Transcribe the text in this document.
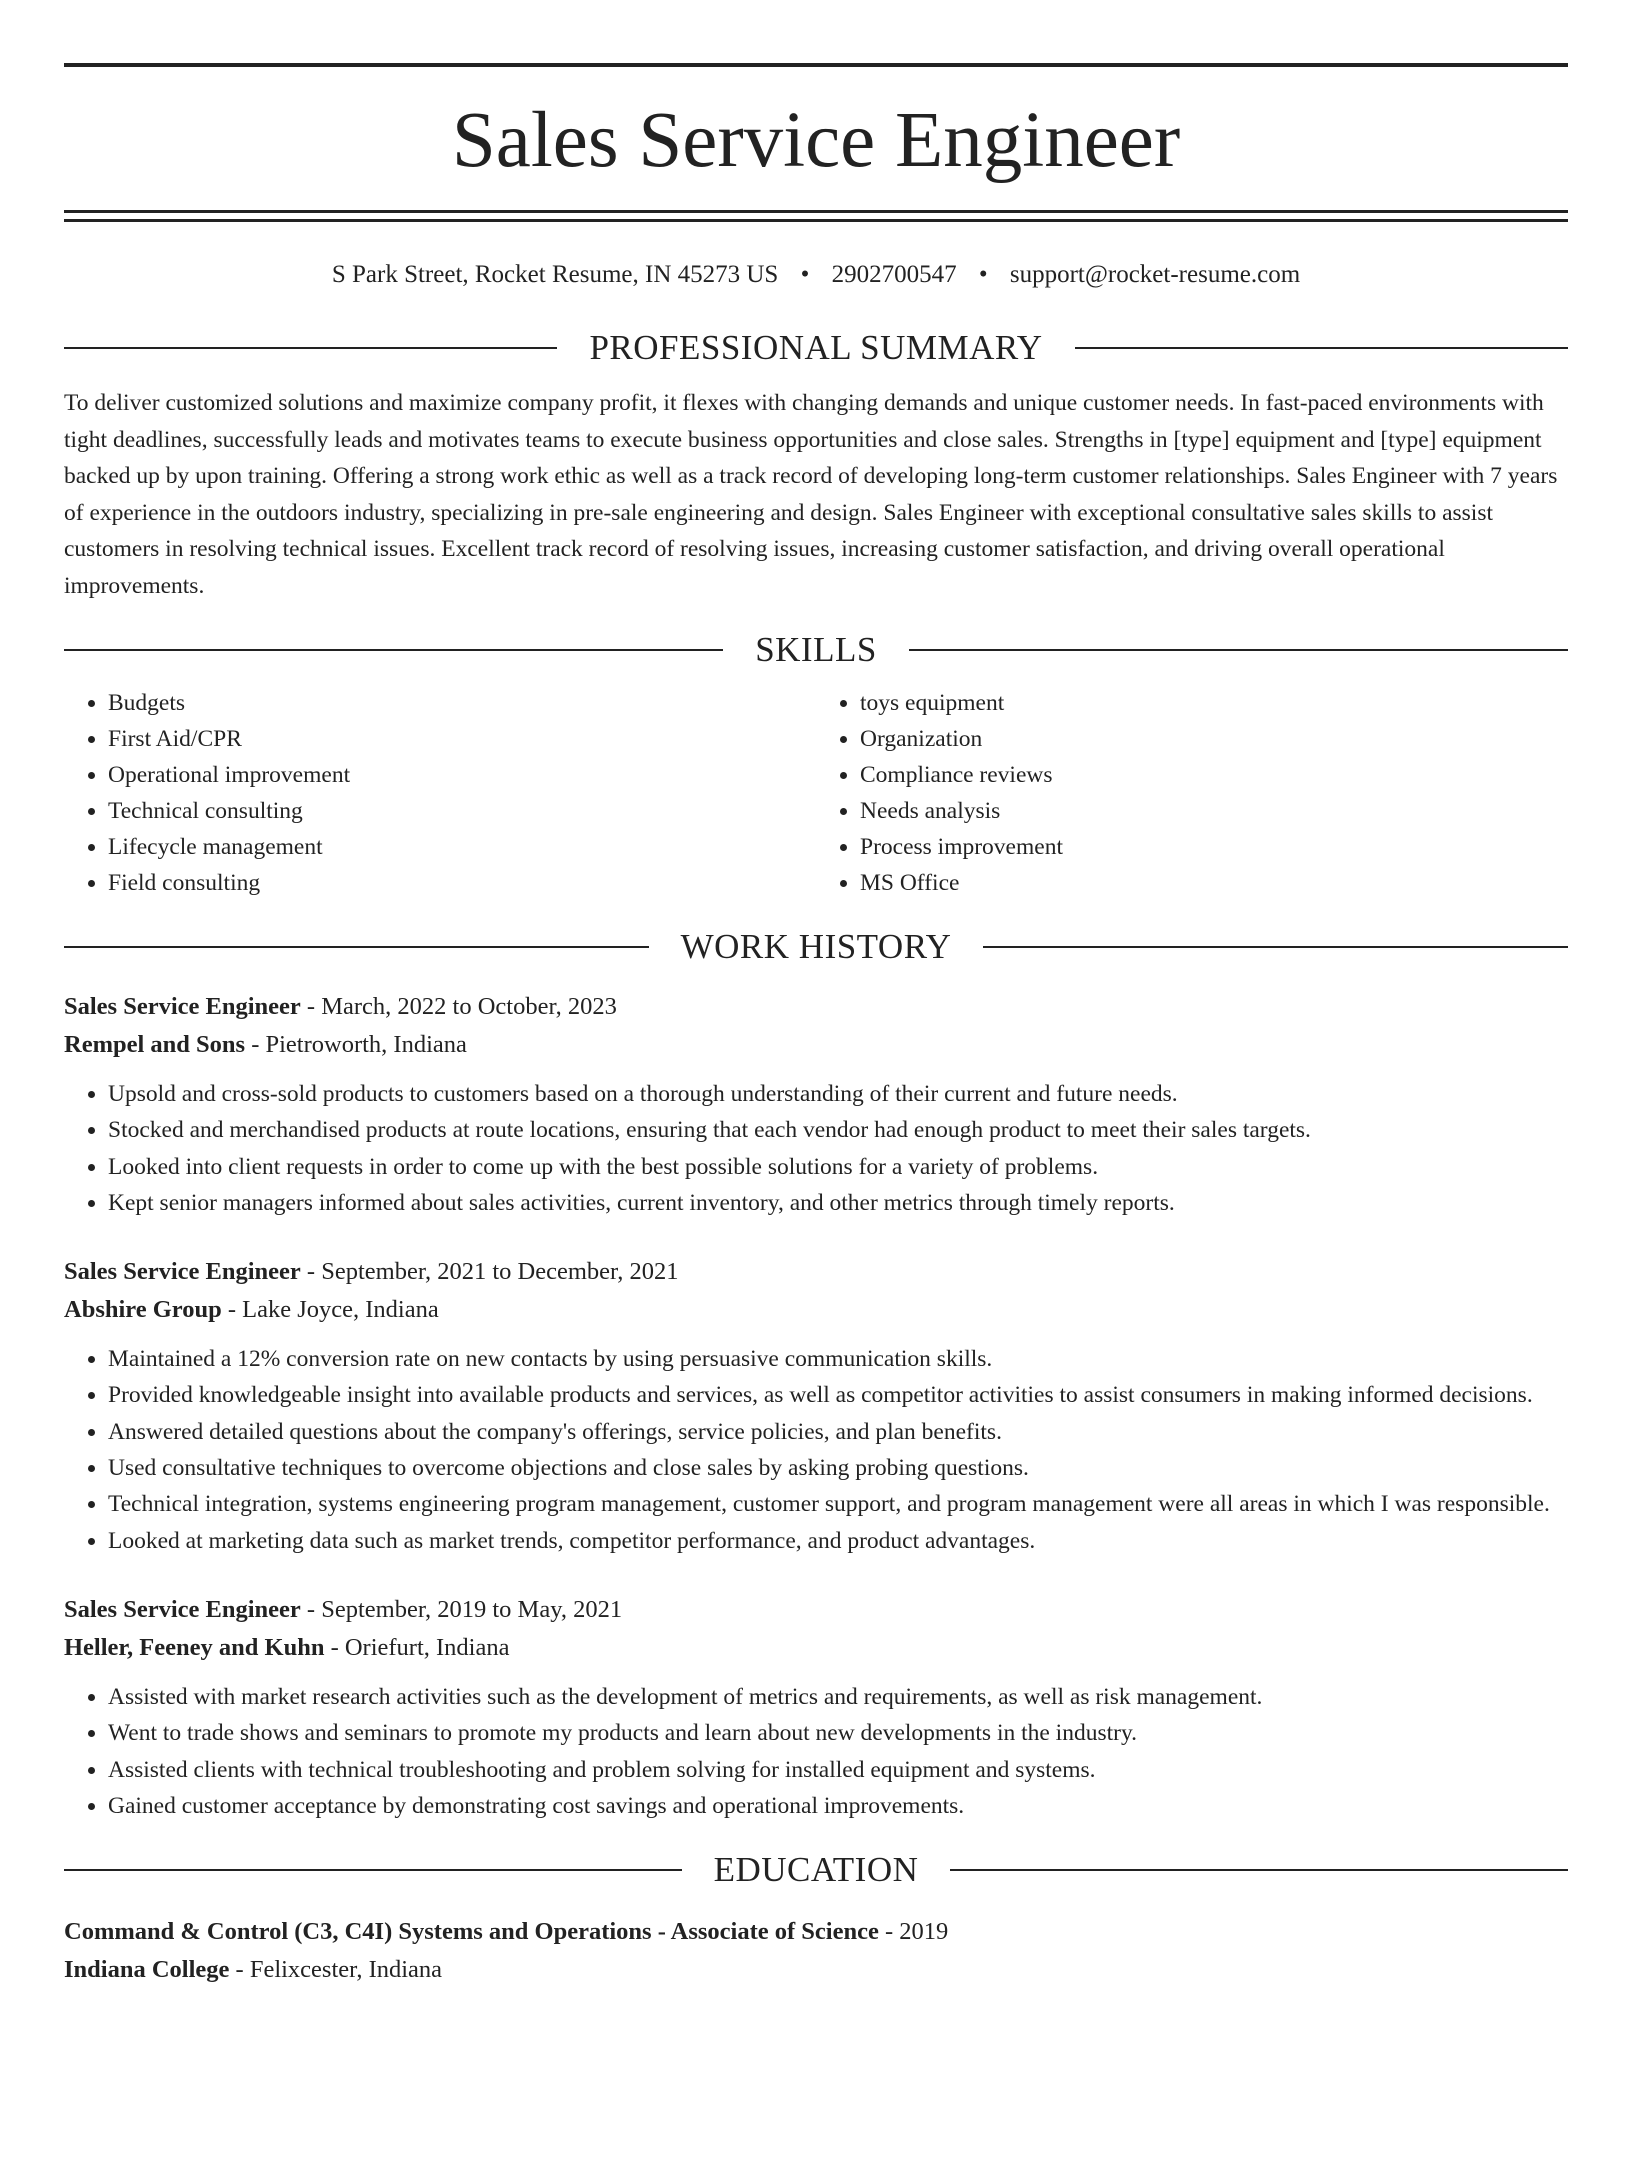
Sales Service Engineer
S Park Street, Rocket Resume, IN 45273 US • 2902700547 • support@rocket-resume.com
PROFESSIONAL SUMMARY
To deliver customized solutions and maximize company profit, it flexes with changing demands and unique customer needs. In fast-paced environments with tight deadlines, successfully leads and motivates teams to execute business opportunities and close sales. Strengths in [type] equipment and [type] equipment backed up by upon training. Offering a strong work ethic as well as a track record of developing long-term customer relationships. Sales Engineer with 7 years of experience in the outdoors industry, specializing in pre-sale engineering and design. Sales Engineer with exceptional consultative sales skills to assist customers in resolving technical issues. Excellent track record of resolving issues, increasing customer satisfaction, and driving overall operational improvements.
SKILLS
• Budgets
• First Aid/CPR
• Operational improvement
• Technical consulting
• Lifecycle management
• Field consulting
• toys equipment
• Organization
• Compliance reviews
• Needs analysis
• Process improvement
• MS Office
WORK HISTORY
Sales Service Engineer - March, 2022 to October, 2023
Rempel and Sons - Pietroworth, Indiana
• Upsold and cross-sold products to customers based on a thorough understanding of their current and future needs.
• Stocked and merchandised products at route locations, ensuring that each vendor had enough product to meet their sales targets.
• Looked into client requests in order to come up with the best possible solutions for a variety of problems.
• Kept senior managers informed about sales activities, current inventory, and other metrics through timely reports.
Sales Service Engineer - September, 2021 to December, 2021
Abshire Group - Lake Joyce, Indiana
• Maintained a 12% conversion rate on new contacts by using persuasive communication skills.
• Provided knowledgeable insight into available products and services, as well as competitor activities to assist consumers in making informed decisions.
• Answered detailed questions about the company's offerings, service policies, and plan benefits.
• Used consultative techniques to overcome objections and close sales by asking probing questions.
• Technical integration, systems engineering program management, customer support, and program management were all areas in which I was responsible.
• Looked at marketing data such as market trends, competitor performance, and product advantages.
Sales Service Engineer - September, 2019 to May, 2021
Heller, Feeney and Kuhn - Oriefurt, Indiana
• Assisted with market research activities such as the development of metrics and requirements, as well as risk management.
• Went to trade shows and seminars to promote my products and learn about new developments in the industry.
• Assisted clients with technical troubleshooting and problem solving for installed equipment and systems.
• Gained customer acceptance by demonstrating cost savings and operational improvements.
EDUCATION
Command & Control (C3, C4I) Systems and Operations - Associate of Science - 2019
Indiana College - Felixcester, Indiana
